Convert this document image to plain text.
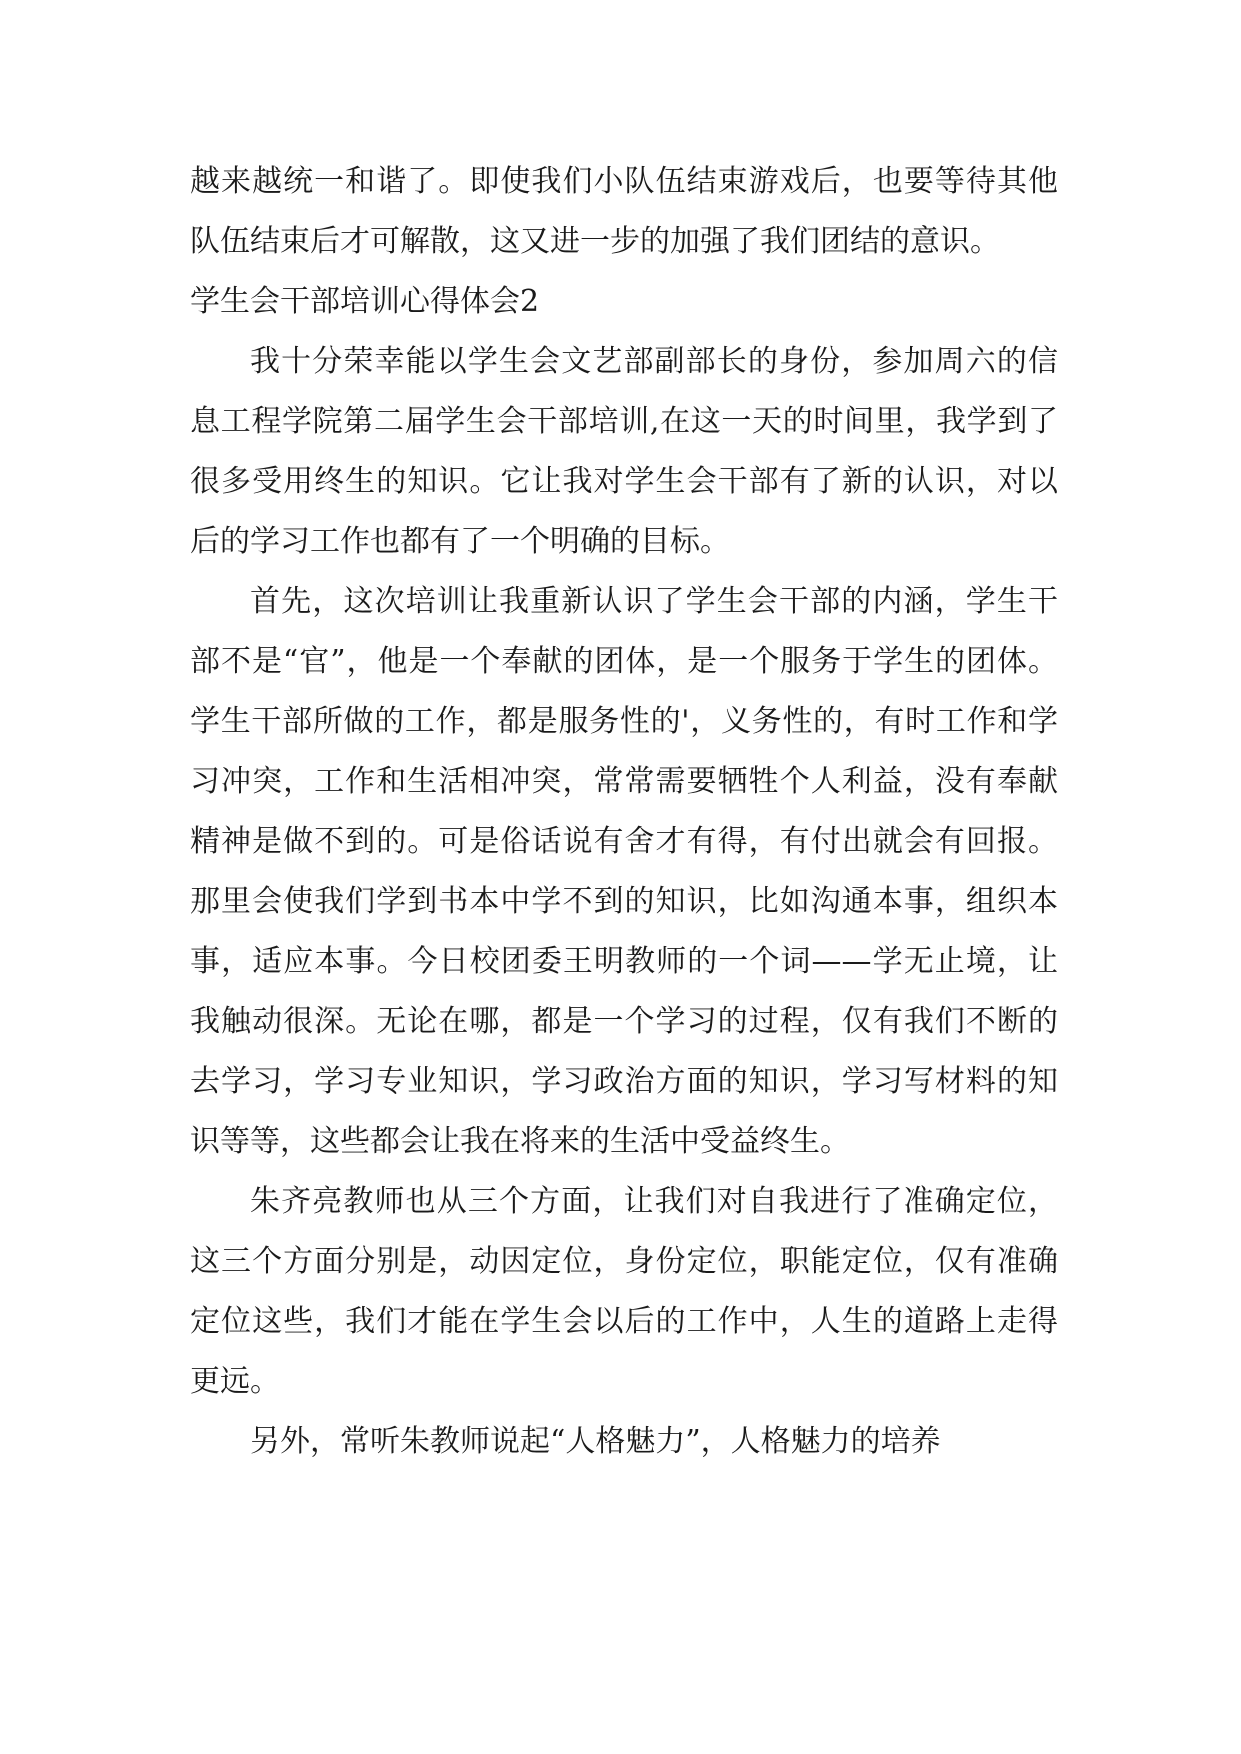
越来越统一和谐了。即使我们小队伍结束游戏后，也要等待其他队伍结束后才可解散，这又进一步的加强了我们团结的意识。

学生会干部培训心得体会2

我十分荣幸能以学生会文艺部副部长的身份，参加周六的信息工程学院第二届学生会干部培训,在这一天的时间里，我学到了很多受用终生的知识。它让我对学生会干部有了新的认识，对以后的学习工作也都有了一个明确的目标。

首先，这次培训让我重新认识了学生会干部的内涵，学生干部不是“官”，他是一个奉献的团体，是一个服务于学生的团体。学生干部所做的工作，都是服务性的'，义务性的，有时工作和学习冲突，工作和生活相冲突，常常需要牺牲个人利益，没有奉献精神是做不到的。可是俗话说有舍才有得，有付出就会有回报。那里会使我们学到书本中学不到的知识，比如沟通本事，组织本事，适应本事。今日校团委王明教师的一个词——学无止境，让我触动很深。无论在哪，都是一个学习的过程，仅有我们不断的去学习，学习专业知识，学习政治方面的知识，学习写材料的知识等等，这些都会让我在将来的生活中受益终生。

朱齐亮教师也从三个方面，让我们对自我进行了准确定位，这三个方面分别是，动因定位，身份定位，职能定位，仅有准确定位这些，我们才能在学生会以后的工作中，人生的道路上走得更远。

另外，常听朱教师说起“人格魅力”，人格魅力的培养
